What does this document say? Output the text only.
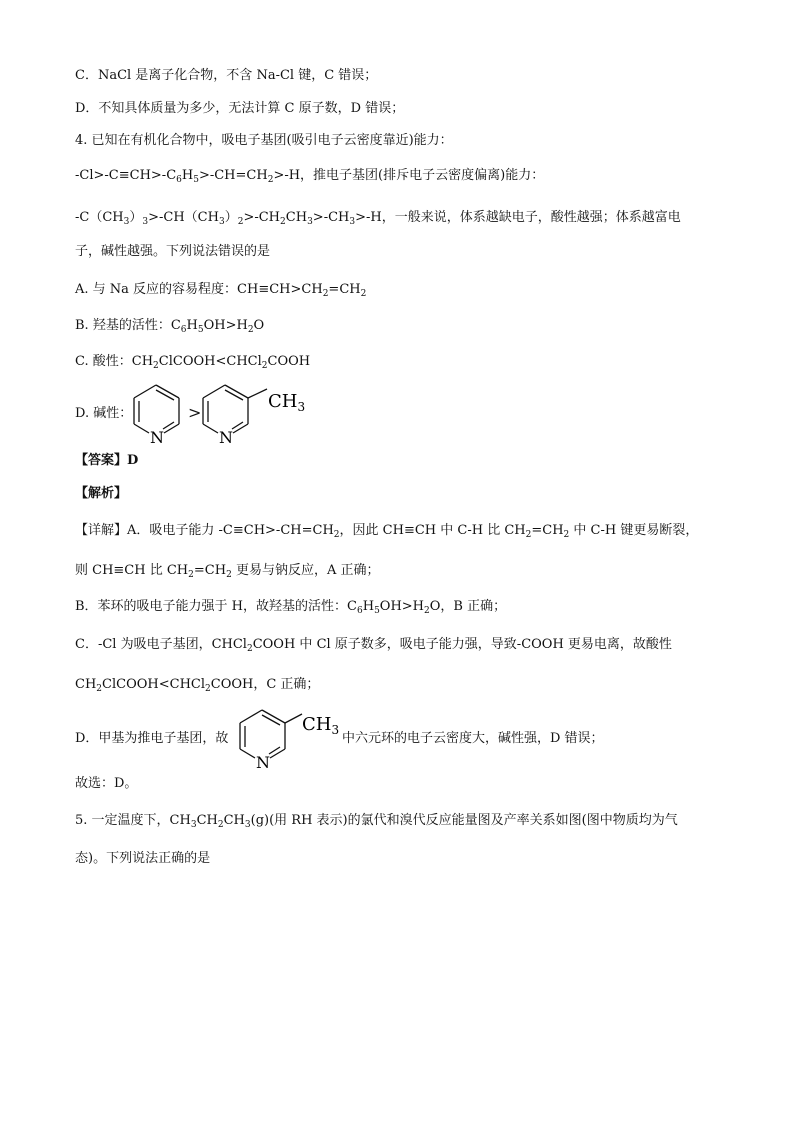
C．NaCl 是离子化合物，不含 Na-Cl 键，C 错误；
D．不知具体质量为多少，无法计算 C 原子数，D 错误；
4. 已知在有机化合物中，吸电子基团(吸引电子云密度靠近)能力：
$-Cl>-C\equiv CH>-C_6H_5>-CH=CH_2>-H$，推电子基团(排斥电子云密度偏离)能力：
$-C(CH_3)_3>-CH(CH_3)_2>-CH_2CH_3>-CH_3>-H$，一般来说，体系越缺电子，酸性越强；体系越富电
子，碱性越强。下列说法错误的是
A. 与 Na 反应的容易程度：$CH\equiv CH>CH_2=CH_2$
B. 羟基的活性：$C_6H_5OH>H_2O$
C. 酸性：$CH_2ClCOOH<CHCl_2COOH$
D. 碱性：
N
>
N
$CH_3$
【答案】D
【解析】
【详解】A．吸电子能力 $-C\equiv CH>-CH=CH_2$，因此 CH≡CH 中 C-H 比 $CH_2=CH_2$ 中 C-H 键更易断裂，
则 CH≡CH 比 $CH_2=CH_2$ 更易与钠反应，A 正确；
B．苯环的吸电子能力强于 H，故羟基的活性：$C_6H_5OH>H_2O$，B 正确；
C．-Cl 为吸电子基团，CHCl$_2$COOH 中 Cl 原子数多，吸电子能力强，导致-COOH 更易电离，故酸性
$CH_2ClCOOH<CHCl_2COOH$，C 正确；
D．甲基为推电子基团，故
N
$CH_3$
中六元环的电子云密度大，碱性强，D 错误；
故选：D。
5. 一定温度下，$CH_3CH_2CH_3(g)$(用 RH 表示)的氯代和溴代反应能量图及产率关系如图(图中物质均为气
态)。下列说法正确的是
